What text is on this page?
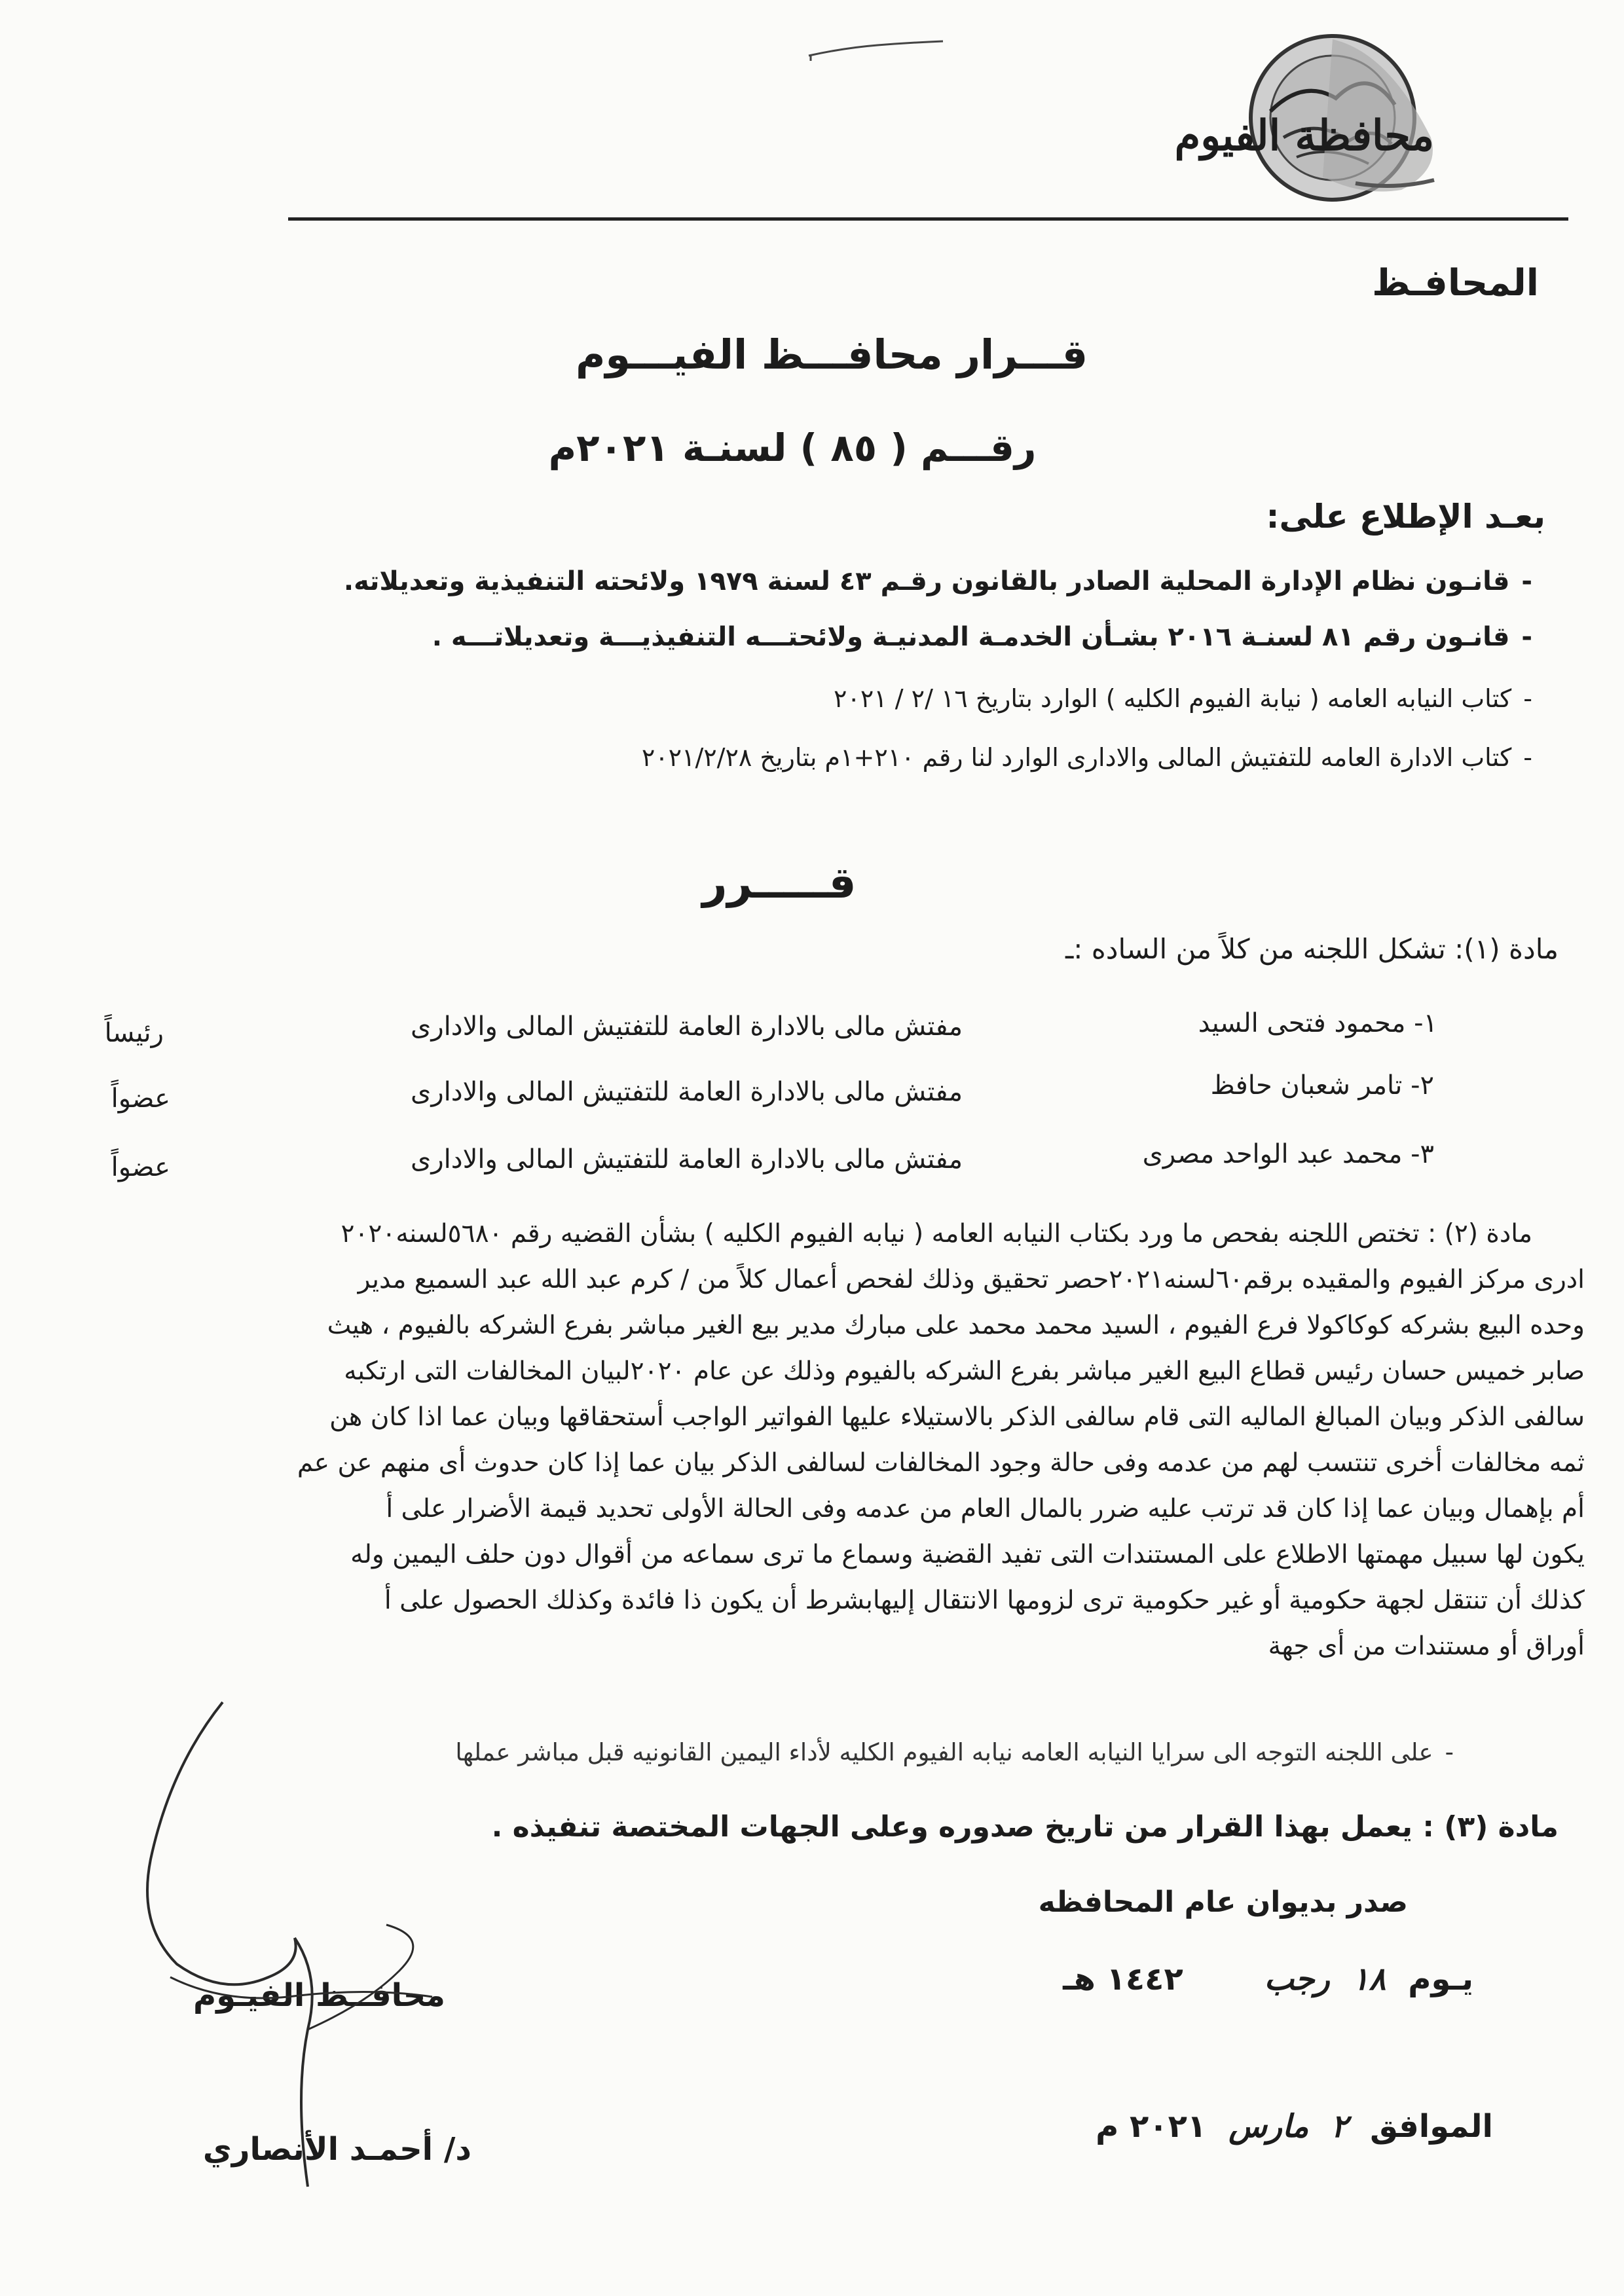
محافظة الفيوم
المحافـظ
قـــرار محافـــظ الفيـــوم
رقـــم ( ٨٥ ) لسنـة ٢٠٢١م
بعـد الإطلاع على:
-قانـون نظام الإدارة المحلية الصادر بالقانون رقـم ٤٣ لسنة ١٩٧٩ ولائحته التنفيذية وتعديلاته.
-قانـون رقم ٨١ لسنـة ٢٠١٦ بشـأن الخدمـة المدنيـة ولائحتـــه التنفيذيـــة وتعديلاتـــه .
-كتاب النيابه العامه ( نيابة الفيوم الكليه ) الوارد بتاريخ ١٦ /٢ / ٢٠٢١
-كتاب الادارة العامه للتفتيش المالى والادارى الوارد لنا رقم ٢١٠+١م بتاريخ ٢٠٢١/٢/٢٨
قـــــرر
مادة (١): تشكل اللجنه من كلاً من الساده :ـ
١- محمود فتحى السيد
مفتش مالى بالادارة العامة للتفتيش المالى والادارى
رئيساً
٢- تامر شعبان حافظ
مفتش مالى بالادارة العامة للتفتيش المالى والادارى
عضواً
٣- محمد عبد الواحد مصرى
مفتش مالى بالادارة العامة للتفتيش المالى والادارى
عضواً
مادة (٢) : تختص اللجنه بفحص ما ورد بكتاب النيابه العامه ( نيابه الفيوم الكليه ) بشأن القضيه رقم ٥٦٨٠لسنه٢٠٢٠
ادرى مركز الفيوم والمقيده برقم٦٠لسنه٢٠٢١حصر تحقيق وذلك لفحص أعمال كلاً من / كرم عبد الله عبد السميع مدير
وحده البيع بشركه كوكاكولا فرع الفيوم ، السيد محمد محمد على مبارك مدير بيع الغير مباشر بفرع الشركه بالفيوم ، هيث
صابر خميس حسان رئيس قطاع البيع الغير مباشر بفرع الشركه بالفيوم وذلك عن عام ٢٠٢٠لبيان المخالفات التى ارتكبه
سالفى الذكر وبيان المبالغ الماليه التى قام سالفى الذكر بالاستيلاء عليها الفواتير الواجب أستحقاقها وبيان عما اذا كان هن
ثمه مخالفات أخرى تنتسب لهم من عدمه وفى حالة وجود المخالفات لسالفى الذكر بيان عما إذا كان حدوث أى منهم عن عم
أم بإهمال وبيان عما إذا كان قد ترتب عليه ضرر بالمال العام من عدمه وفى الحالة الأولى تحديد قيمة الأضرار على أ
يكون لها سبيل مهمتها الاطلاع على المستندات التى تفيد القضية وسماع ما ترى سماعه من أقوال دون حلف اليمين وله
كذلك أن تنتقل لجهة حكومية أو غير حكومية ترى لزومها الانتقال إليهابشرط أن يكون ذا فائدة وكذلك الحصول على أ
أوراق أو مستندات من أى جهة
-على اللجنه التوجه الى سرايا النيابه العامه نيابه الفيوم الكليه لأداء اليمين القانونيه قبل مباشر عملها
مادة (٣) : يعمل بهذا القرار من تاريخ صدوره وعلى الجهات المختصة تنفيذه .
صدر بديوان عام المحافظه
يـوم
١٨
رجب
١٤٤٢ هـ
الموافق
٢
مارس
٢٠٢١ م
محافــظ الفيـوم
د/ أحمـد الأنصاري
